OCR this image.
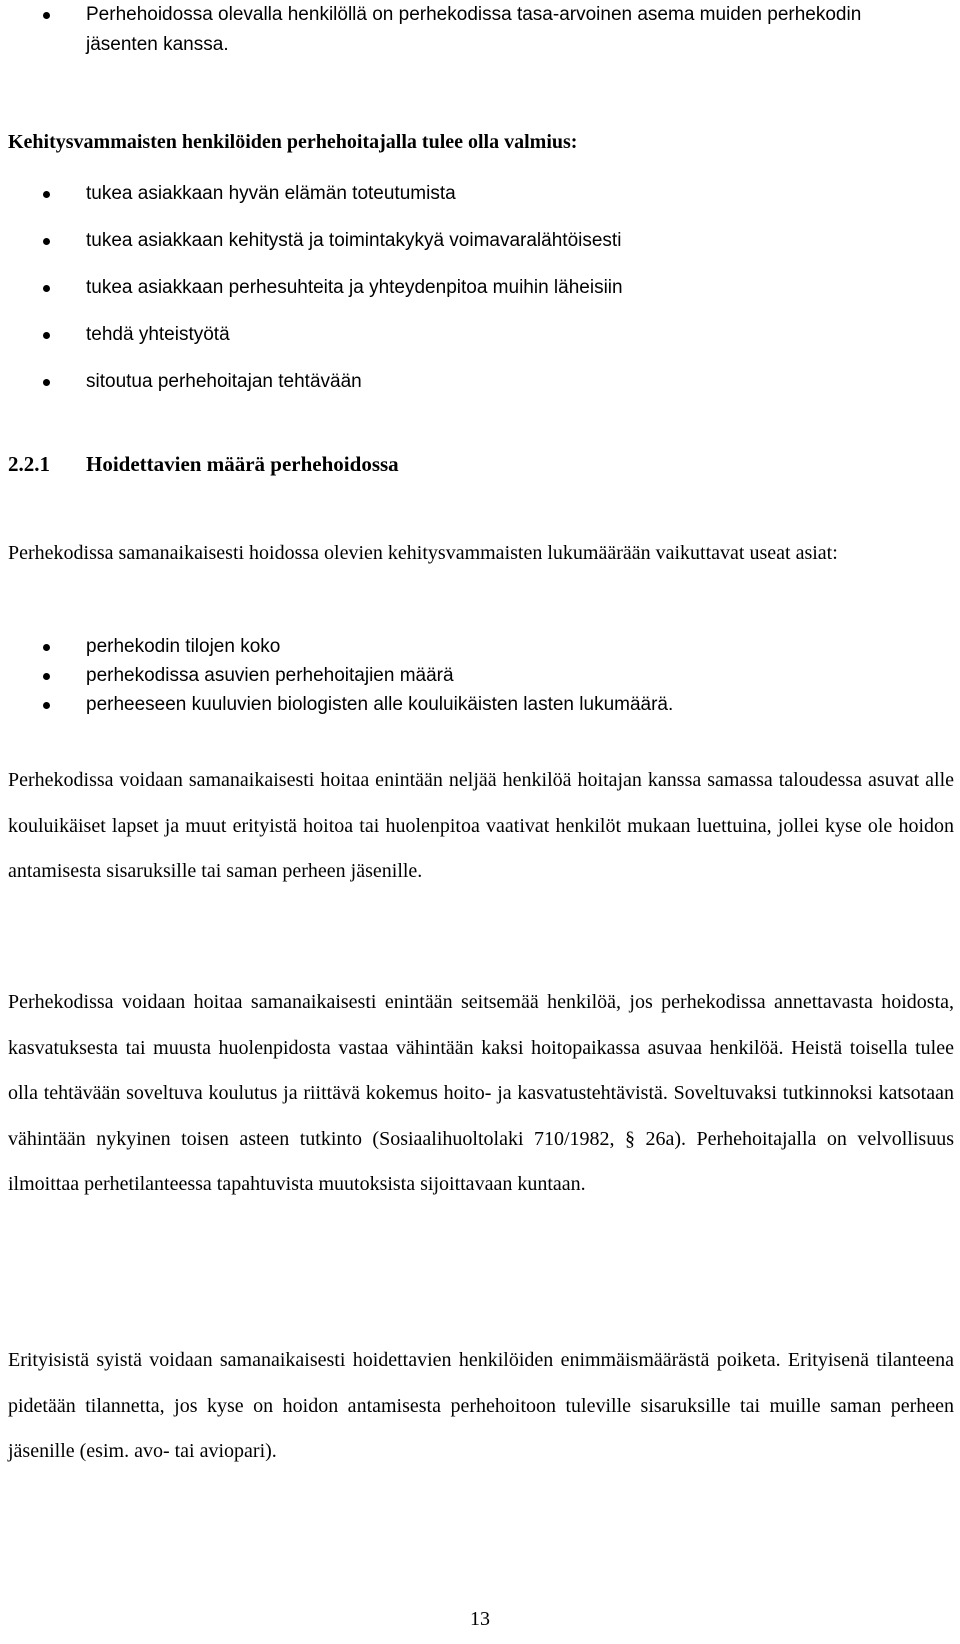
Perhehoidossa olevalla henkilöllä on perhekodissa tasa-arvoinen asema muiden perhekodin jäsenten kanssa.

Kehitysvammaisten henkilöiden perhehoitajalla tulee olla valmius:

tukea asiakkaan hyvän elämän toteutumista
tukea asiakkaan kehitystä ja toimintakykyä voimavaralähtöisesti
tukea asiakkaan perhesuhteita ja yhteydenpitoa muihin läheisiin
tehdä yhteistyötä
sitoutua perhehoitajan tehtävään
2.2.1 Hoidettavien määrä perhehoidossa

Perhekodissa samanaikaisesti hoidossa olevien kehitysvammaisten lukumäärään vaikuttavat useat asiat:

perhekodin tilojen koko
perhekodissa asuvien perhehoitajien määrä
perheeseen kuuluvien biologisten alle kouluikäisten lasten lukumäärä.

Perhekodissa voidaan samanaikaisesti hoitaa enintään neljää henkilöä hoitajan kanssa samassa taloudessa asuvat alle kouluikäiset lapset ja muut erityistä hoitoa tai huolenpitoa vaativat henkilöt mukaan luettuina, jollei kyse ole hoidon antamisesta sisaruksille tai saman perheen jäsenille.

Perhekodissa voidaan hoitaa samanaikaisesti enintään seitsemää henkilöä, jos perhekodissa annettavasta hoidosta, kasvatuksesta tai muusta huolenpidosta vastaa vähintään kaksi hoitopaikassa asuvaa henkilöä. Heistä toisella tulee olla tehtävään soveltuva koulutus ja riittävä kokemus hoito- ja kasvatustehtävistä. Soveltuvaksi tutkinnoksi katsotaan vähintään nykyinen toisen asteen tutkinto (Sosiaalihuoltolaki 710/1982, § 26a). Perhehoitajalla on velvollisuus ilmoittaa perhetilanteessa tapahtuvista muutoksista sijoittavaan kuntaan.

Erityisistä syistä voidaan samanaikaisesti hoidettavien henkilöiden enimmäismäärästä poiketa. Erityisenä tilanteena pidetään tilannetta, jos kyse on hoidon antamisesta perhehoitoon tuleville sisaruksille tai muille saman perheen jäsenille (esim. avo- tai aviopari).

13
